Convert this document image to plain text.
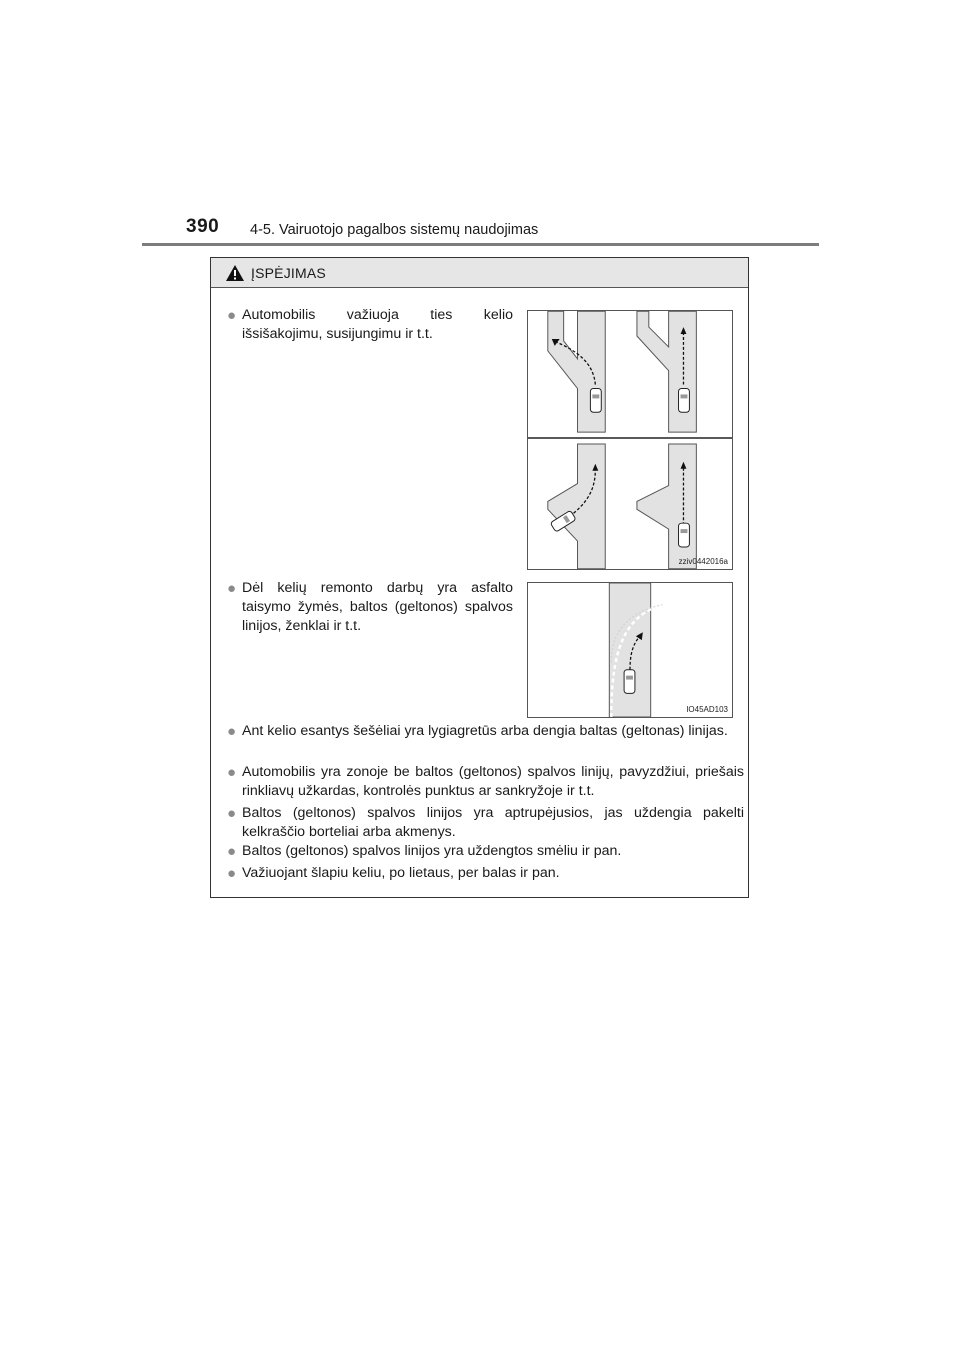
390 4-5. Vairuotojo pagalbos sistemų naudojimas
ĮSPĖJIMAS
● Automobilis važiuoja ties kelio išsišakojimu, susijungimu ir t.t.
zziv0442016a
● Dėl kelių remonto darbų yra asfalto taisymo žymės, baltos (geltonos) spalvos linijos, ženklai ir t.t.
IO45AD103
● Ant kelio esantys šešėliai yra lygiagretūs arba dengia baltas (geltonas) linijas.
● Automobilis yra zonoje be baltos (geltonos) spalvos linijų, pavyzdžiui, priešais rinkliavų užkardas, kontrolės punktus ar sankryžoje ir t.t.
● Baltos (geltonos) spalvos linijos yra aptrupėjusios, jas uždengia pakelti kelkraščio borteliai arba akmenys.
● Baltos (geltonos) spalvos linijos yra uždengtos smėliu ir pan.
● Važiuojant šlapiu keliu, po lietaus, per balas ir pan.
